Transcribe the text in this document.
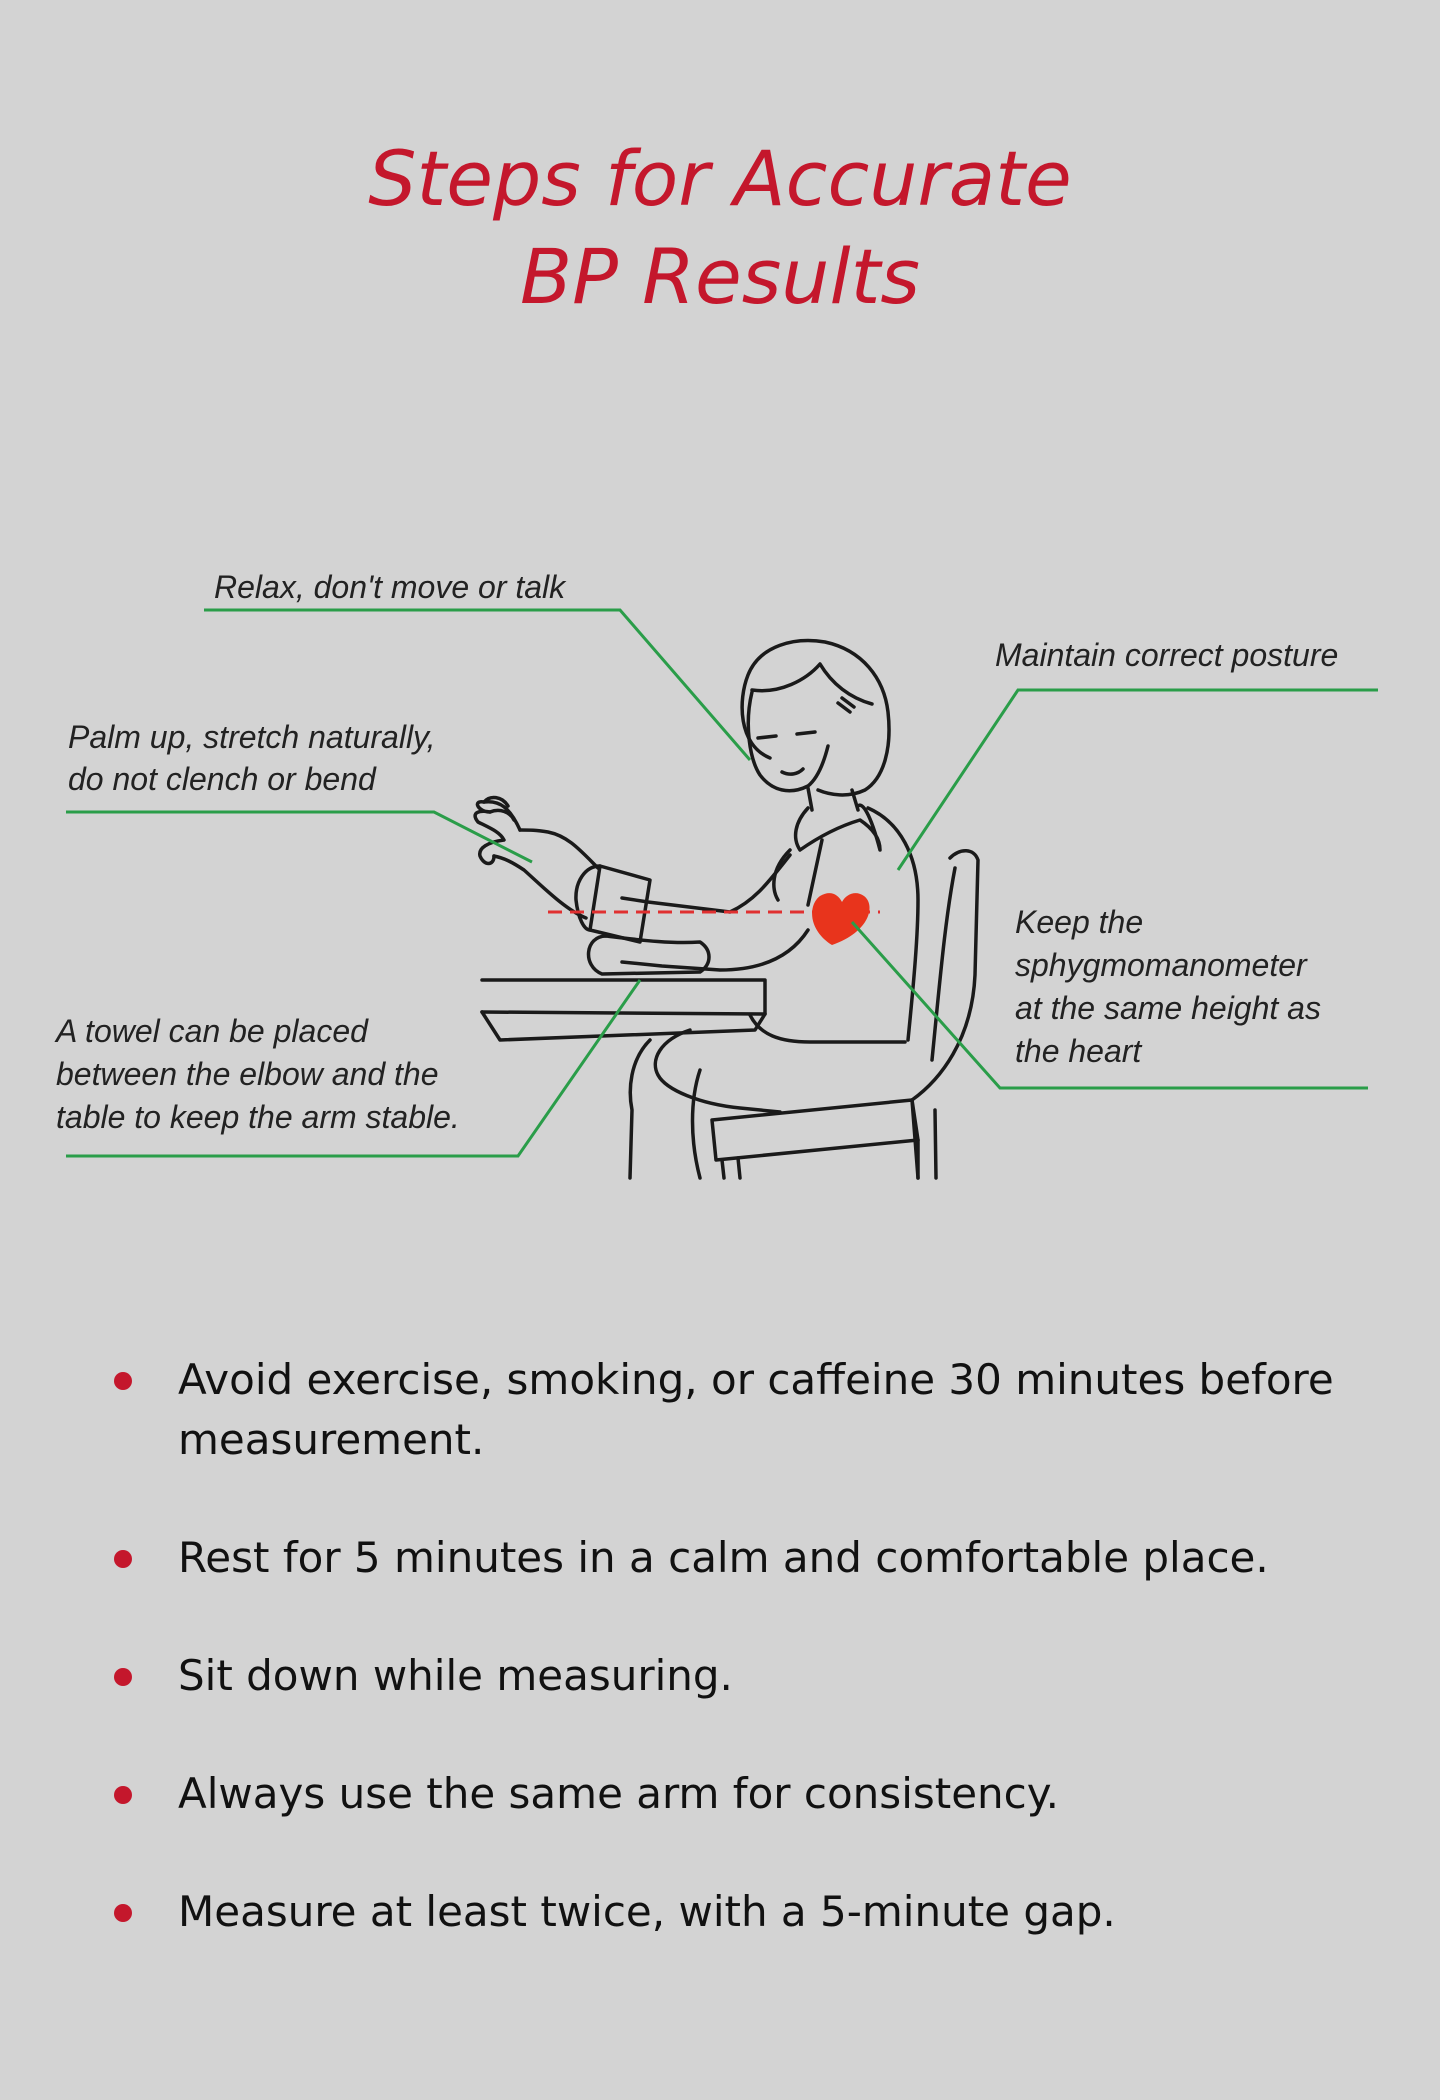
Steps for Accurate
BP Results
Relax, don't move or talk
Palm up, stretch naturally,
do not clench or bend
Maintain correct posture
Keep the
sphygmomanometer
at the same height as
the heart
A towel can be placed
between the elbow and the
table to keep the arm stable.
Avoid exercise, smoking, or caffeine 30 minutes before measurement.
Rest for 5 minutes in a calm and comfortable place.
Sit down while measuring.
Always use the same arm for consistency.
Measure at least twice, with a 5-minute gap.
